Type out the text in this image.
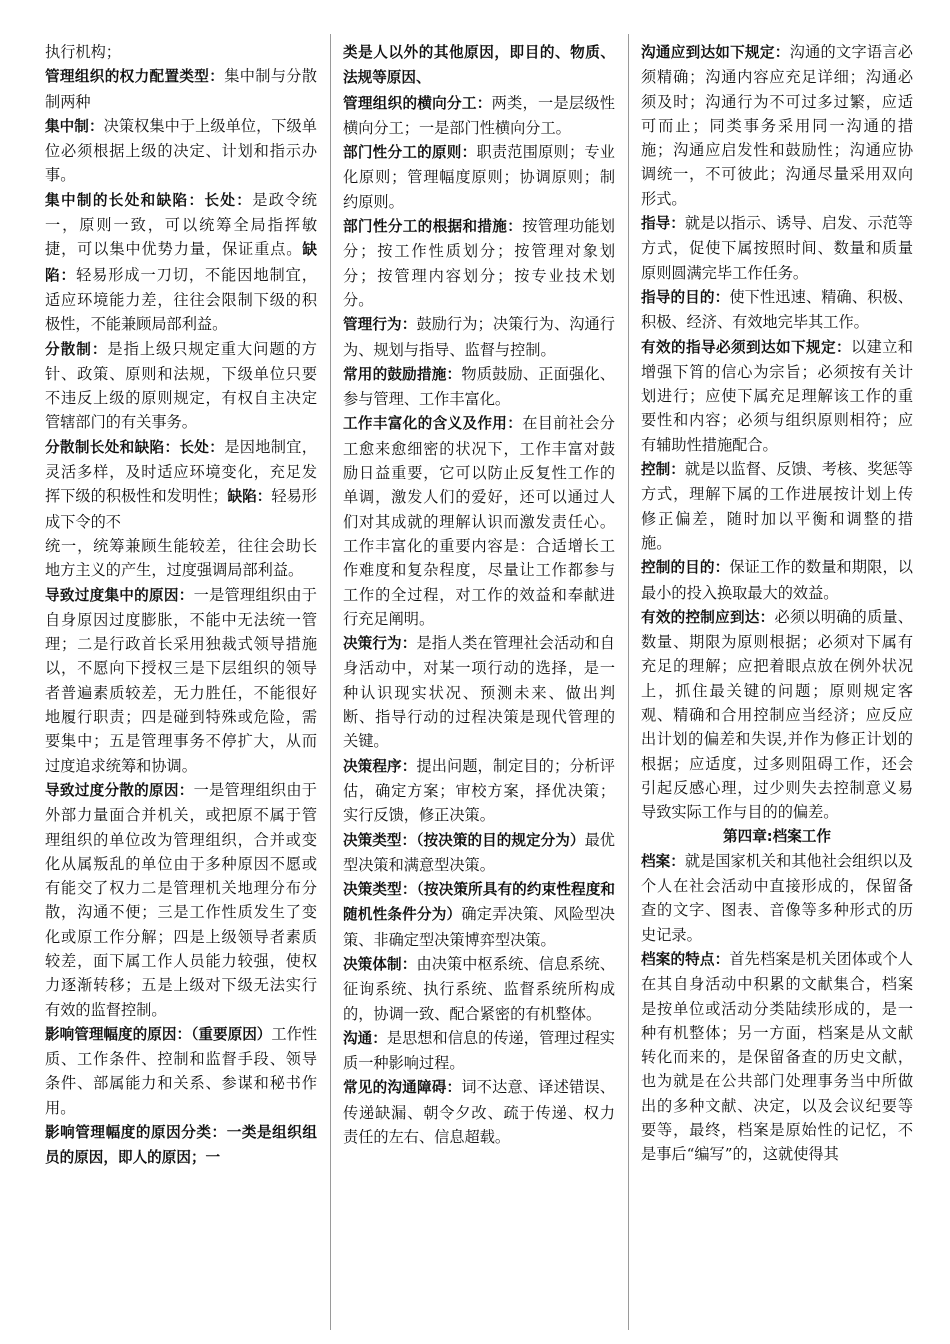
执行机构；

管理组织的权力配置类型：集中制与分散制两种

集中制：决策权集中于上级单位，下级单位必须根据上级的决定、计划和指示办事。

集中制的长处和缺陷：长处：是政令统一，原则一致，可以统筹全局指挥敏捷，可以集中优势力量，保证重点。缺陷：轻易形成一刀切，不能因地制宜，适应环境能力差，往往会限制下级的积极性，不能兼顾局部利益。

分散制：是指上级只规定重大问题的方针、政策、原则和法规，下级单位只要不违反上级的原则规定，有权自主决定管辖部门的有关事务。

分散制长处和缺陷：长处：是因地制宜，灵活多样，及时适应环境变化，充足发挥下级的积极性和发明性；缺陷：轻易形成下令的不

统一，统筹兼顾生能较差，往往会助长地方主义的产生，过度强调局部利益。

导致过度集中的原因：一是管理组织由于自身原因过度膨胀，不能中无法统一管理；二是行政首长采用独裁式领导措施以，不愿向下授权三是下层组织的领导者普遍素质较差，无力胜任，不能很好地履行职责；四是碰到特殊或危险，需要集中；五是管理事务不停扩大，从而过度追求统筹和协调。

导致过度分散的原因：一是管理组织由于外部力量面合并机关，或把原不属于管理组织的单位改为管理组织，合并或变化从属叛乱的单位由于多种原因不愿或有能交了权力二是管理机关地理分布分散，沟通不便；三是工作性质发生了变化或原工作分解；四是上级领导者素质较差，面下属工作人员能力较强，使权力逐渐转移；五是上级对下级无法实行有效的监督控制。

影响管理幅度的原因：（重要原因）工作性质、工作条件、控制和监督手段、领导条件、部属能力和关系、参谋和秘书作用。

影响管理幅度的原因分类：一类是组织组员的原因，即人的原因；一

类是人以外的其他原因，即目的、物质、法规等原因、

管理组织的横向分工：两类，一是层级性横向分工；一是部门性横向分工。

部门性分工的原则：职责范围原则；专业化原则；管理幅度原则；协调原则；制约原则。

部门性分工的根据和措施：按管理功能划分；按工作性质划分；按管理对象划分；按管理内容划分；按专业技术划分。

管理行为：鼓励行为；决策行为、沟通行为、规划与指导、监督与控制。

常用的鼓励措施：物质鼓励、正面强化、参与管理、工作丰富化。

工作丰富化的含义及作用：在目前社会分工愈来愈细密的状况下，工作丰富对鼓励日益重要，它可以防止反复性工作的单调，激发人们的爱好，还可以通过人们对其成就的理解认识而激发责任心。工作丰富化的重要内容是：合适增长工作难度和复杂程度，尽量让工作都参与工作的全过程，对工作的效益和奉献进行充足阐明。

决策行为：是指人类在管理社会活动和自身活动中，对某一项行动的选择，是一种认识现实状况、预测未来、做出判断、指导行动的过程决策是现代管理的关键。

决策程序：提出问题，制定目的；分析评估，确定方案；审校方案，择优决策；实行反馈，修正决策。

决策类型：（按决策的目的规定分为）最优型决策和满意型决策。

决策类型：（按决策所具有的约束性程度和随机性条件分为）确定弄决策、风险型决策、非确定型决策博弈型决策。

决策体制：由决策中枢系统、信息系统、征询系统、执行系统、监督系统所构成的，协调一致、配合紧密的有机整体。

沟通：是思想和信息的传递，管理过程实质一种影响过程。

常见的沟通障碍：词不达意、译述错误、传递缺漏、朝令夕改、疏于传递、权力责任的左右、信息超载。

沟通应到达如下规定：沟通的文字语言必须精确；沟通内容应充足详细；沟通必须及时；沟通行为不可过多过繁，应适可而止；同类事务采用同一沟通的措施；沟通应启发性和鼓励性；沟通应协调统一，不可彼此；沟通尽量采用双向形式。

指导：就是以指示、诱导、启发、示范等方式，促使下属按照时间、数量和质量原则圆满完毕工作任务。

指导的目的：使下性迅速、精确、积极、积极、经济、有效地完毕其工作。

有效的指导必须到达如下规定：以建立和增强下筲的信心为宗旨；必须按有关计划进行；应使下属充足理解该工作的重要性和内容；必须与组织原则相符；应有辅助性措施配合。

控制：就是以监督、反馈、考核、奖惩等方式，理解下属的工作进展按计划上传修正偏差，随时加以平衡和调整的措施。

控制的目的：保证工作的数量和期限，以最小的投入换取最大的效益。

有效的控制应到达：必须以明确的质量、数量、期限为原则根据；必须对下属有充足的理解；应把着眼点放在例外状况上，抓住最关键的问题；原则规定客观、精确和合用控制应当经济；应反应出计划的偏差和失误,并作为修正计划的根据；应适度，过多则阻碍工作，还会引起反感心理，过少则失去控制意义易导致实际工作与目的的偏差。

第四章:档案工作

档案：就是国家机关和其他社会组织以及个人在社会活动中直接形成的，保留备查的文字、图表、音像等多种形式的历史记录。

档案的特点：首先档案是机关团体或个人在其自身活动中积累的文献集合，档案是按单位或活动分类陆续形成的，是一种有机整体；另一方面，档案是从文献转化而来的，是保留备查的历史文献，也为就是在公共部门处理事务当中所做出的多种文献、决定，以及会议纪要等要等，最终，档案是原始性的记忆，不是事后“编写”的，这就使得其
